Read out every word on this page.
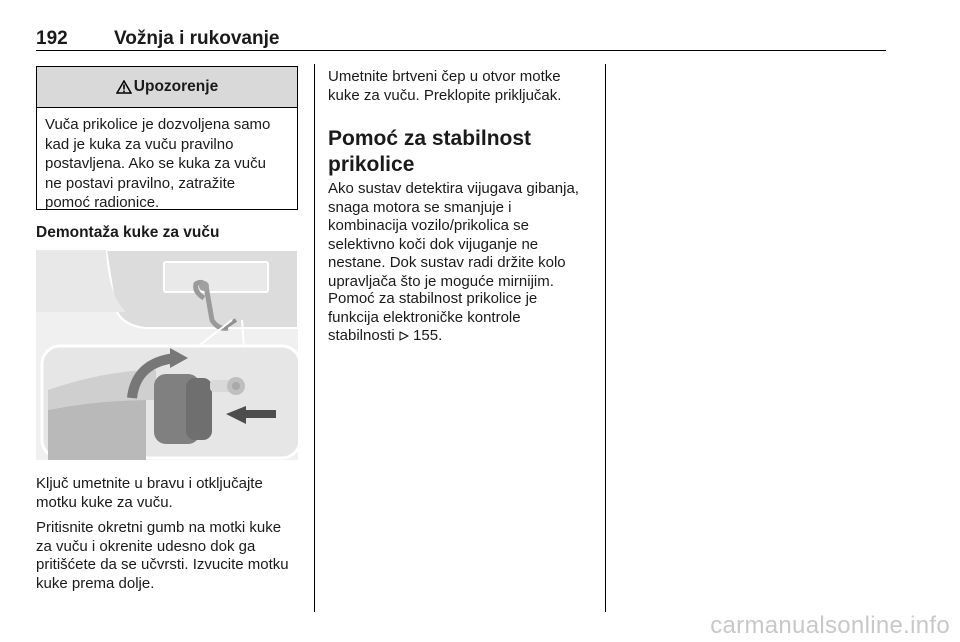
192 Vožnja i rukovanje
Upozorenje
Vuča prikolice je dozvoljena samo
kad je kuka za vuču pravilno
postavljena. Ako se kuka za vuču
ne postavi pravilno, zatražite
pomoć radionice.
Demontaža kuke za vuču
Ključ umetnite u bravu i otključajte
motku kuke za vuču.
Pritisnite okretni gumb na motki kuke
za vuču i okrenite udesno dok ga
pritišćete da se učvrsti. Izvucite motku
kuke prema dolje.
Umetnite brtveni čep u otvor motke
kuke za vuču. Preklopite priključak.
Pomoć za stabilnost
prikolice
Ako sustav detektira vijugava gibanja,
snaga motora se smanjuje i
kombinacija vozilo/prikolica se
selektivno koči dok vijuganje ne
nestane. Dok sustav radi držite kolo
upravljača što je moguće mirnijim.
Pomoć za stabilnost prikolice je
funkcija elektroničke kontrole
stabilnosti 155.
carmanualsonline.info
